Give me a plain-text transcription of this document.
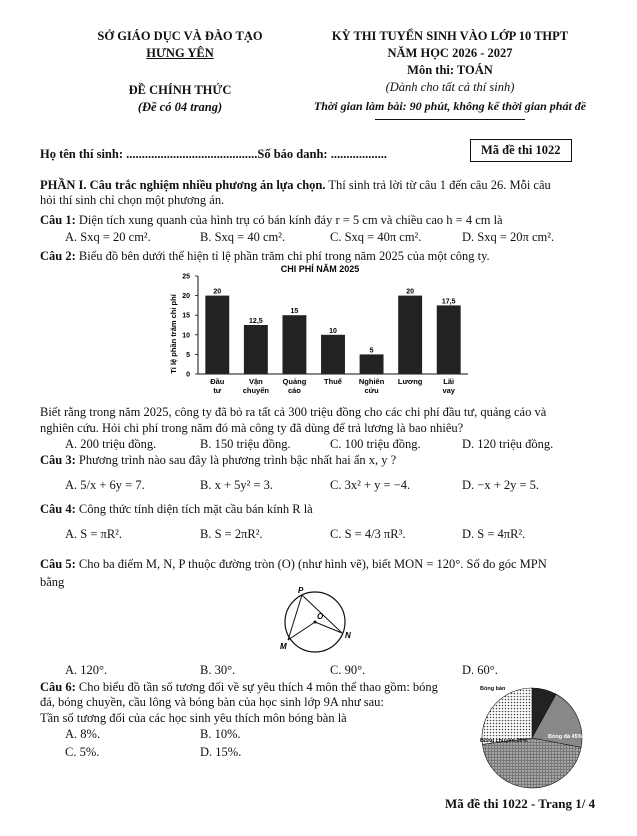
SỞ GIÁO DỤC VÀ ĐÀO TẠO
HƯNG YÊN
ĐỀ CHÍNH THỨC
(Đề có 04 trang)
KỲ THI TUYỂN SINH VÀO LỚP 10 THPT
NĂM HỌC 2026 - 2027
Môn thi: TOÁN
(Dành cho tất cả thí sinh)
Thời gian làm bài: 90 phút, không kể thời gian phát đề
Họ tên thí sinh: ..........................................Số báo danh: ..................	Mã đề thi 1022
PHẦN I. Câu trắc nghiệm nhiều phương án lựa chọn. Thí sinh trả lời từ câu 1 đến câu 26. Mỗi câu
hỏi thí sinh chỉ chọn một phương án.
Câu 1: Diện tích xung quanh của hình trụ có bán kính đáy r = 5 cm và chiều cao h = 4 cm là
A. Sxq = 20 cm².	B. Sxq = 40 cm².	C. Sxq = 40π cm².	D. Sxq = 20π cm².
Câu 2: Biểu đồ bên dưới thể hiện tỉ lệ phần trăm chi phí trong năm 2025 của một công ty.
CHI PHÍ NĂM 2025
Tỉ lệ phần trăm chi phí
0
5
10
15
20
25
Đầu
tư
Vận
chuyển
Quảng
cáo
Thuế Nghiên
cứu
Lương	Lãi
vay
20
12,5
15
10
5
20
17,5
Biết rằng trong năm 2025, công ty đã bỏ ra tất cả 300 triệu đồng cho các chi phí đầu tư, quảng cáo và
nghiên cứu. Hỏi chi phí trong năm đó mà công ty đã dùng để trả lương là bao nhiêu?
A. 200 triệu đồng.	B. 150 triệu đồng.	C. 100 triệu đồng.	D. 120 triệu đồng.
Câu 3: Phương trình nào sau đây là phương trình bậc nhất hai ẩn x, y ?
A. 5/x + 6y = 7.	B. x + 5y² = 3.	C. 3x² + y = −4.	D. −x + 2y = 5.
Câu 4: Công thức tính diện tích mặt cầu bán kính R là
A. S = πR².	B. S = 2πR².	C. S = 4/3 πR³.	D. S = 4πR².
Câu 5: Cho ba điểm M, N, P thuộc đường tròn (O) (như hình vẽ), biết MON = 120°. Số đo góc MPN
bằng
P
O
N
M
A. 120°.	B. 30°.	C. 90°.	D. 60°.
Câu 6: Cho biểu đồ tần số tương đối về sự yêu thích 4 môn thể thao gồm: bóng
đá, bóng chuyền, cầu lông và bóng bàn của học sinh lớp 9A như sau:
Tần số tương đối của các học sinh yêu thích môn bóng bàn là
A. 8%.	B. 10%.
C. 5%.	D. 15%.
Bóng bàn
Bóng chuyền 20%
Bóng đá 45%
Mã đề thi 1022 - Trang 1/ 4
